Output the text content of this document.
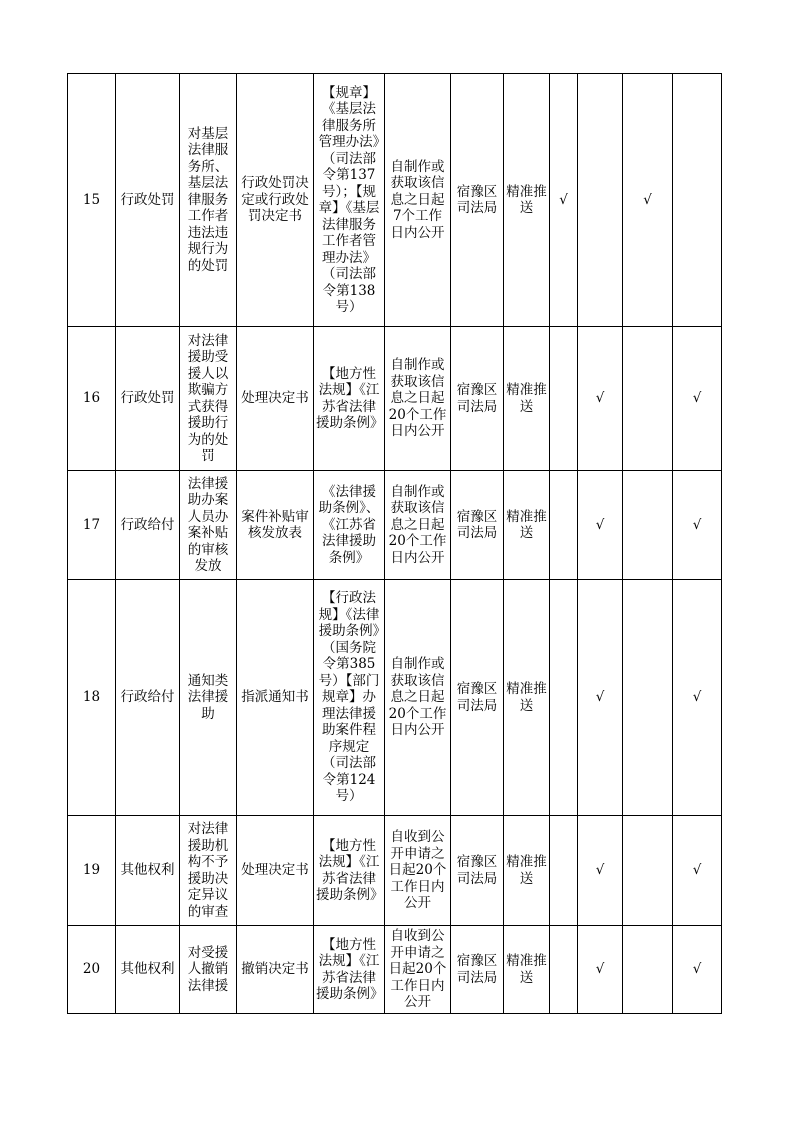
15	行政处罚	对基层法律服务所、基层法律服务工作者违法违规行为的处罚	行政处罚决定或行政处罚决定书	【规章】《基层法律服务所管理办法》（司法部令第137号）；【规章】《基层法律服务工作者管理办法》（司法部令第138号）	自制作或获取该信息之日起7个工作日内公开	宿豫区司法局	精准推送	√		√	

16	行政处罚	对法律援助受援人以欺骗方式获得援助行为的处罚	处理决定书	【地方性法规】《江苏省法律援助条例》	自制作或获取该信息之日起20个工作日内公开	宿豫区司法局	精准推送		√		√

17	行政给付	法律援助办案人员办案补贴的审核发放	案件补贴审核发放表	《法律援助条例》、《江苏省法律援助条例》	自制作或获取该信息之日起20个工作日内公开	宿豫区司法局	精准推送		√		√

18	行政给付	通知类法律援助	指派通知书	【行政法规】《法律援助条例》（国务院令第385号）【部门规章】办理法律援助案件程序规定（司法部令第124号）	自制作或获取该信息之日起20个工作日内公开	宿豫区司法局	精准推送		√		√

19	其他权利	对法律援助机构不予援助决定异议的审查	处理决定书	【地方性法规】《江苏省法律援助条例》	自收到公开申请之日起20个工作日内公开	宿豫区司法局	精准推送		√		√

20	其他权利	对受援人撤销法律援	撤销决定书	【地方性法规】《江苏省法律援助条例》	自收到公开申请之日起20个工作日内公开	宿豫区司法局	精准推送		√		√
